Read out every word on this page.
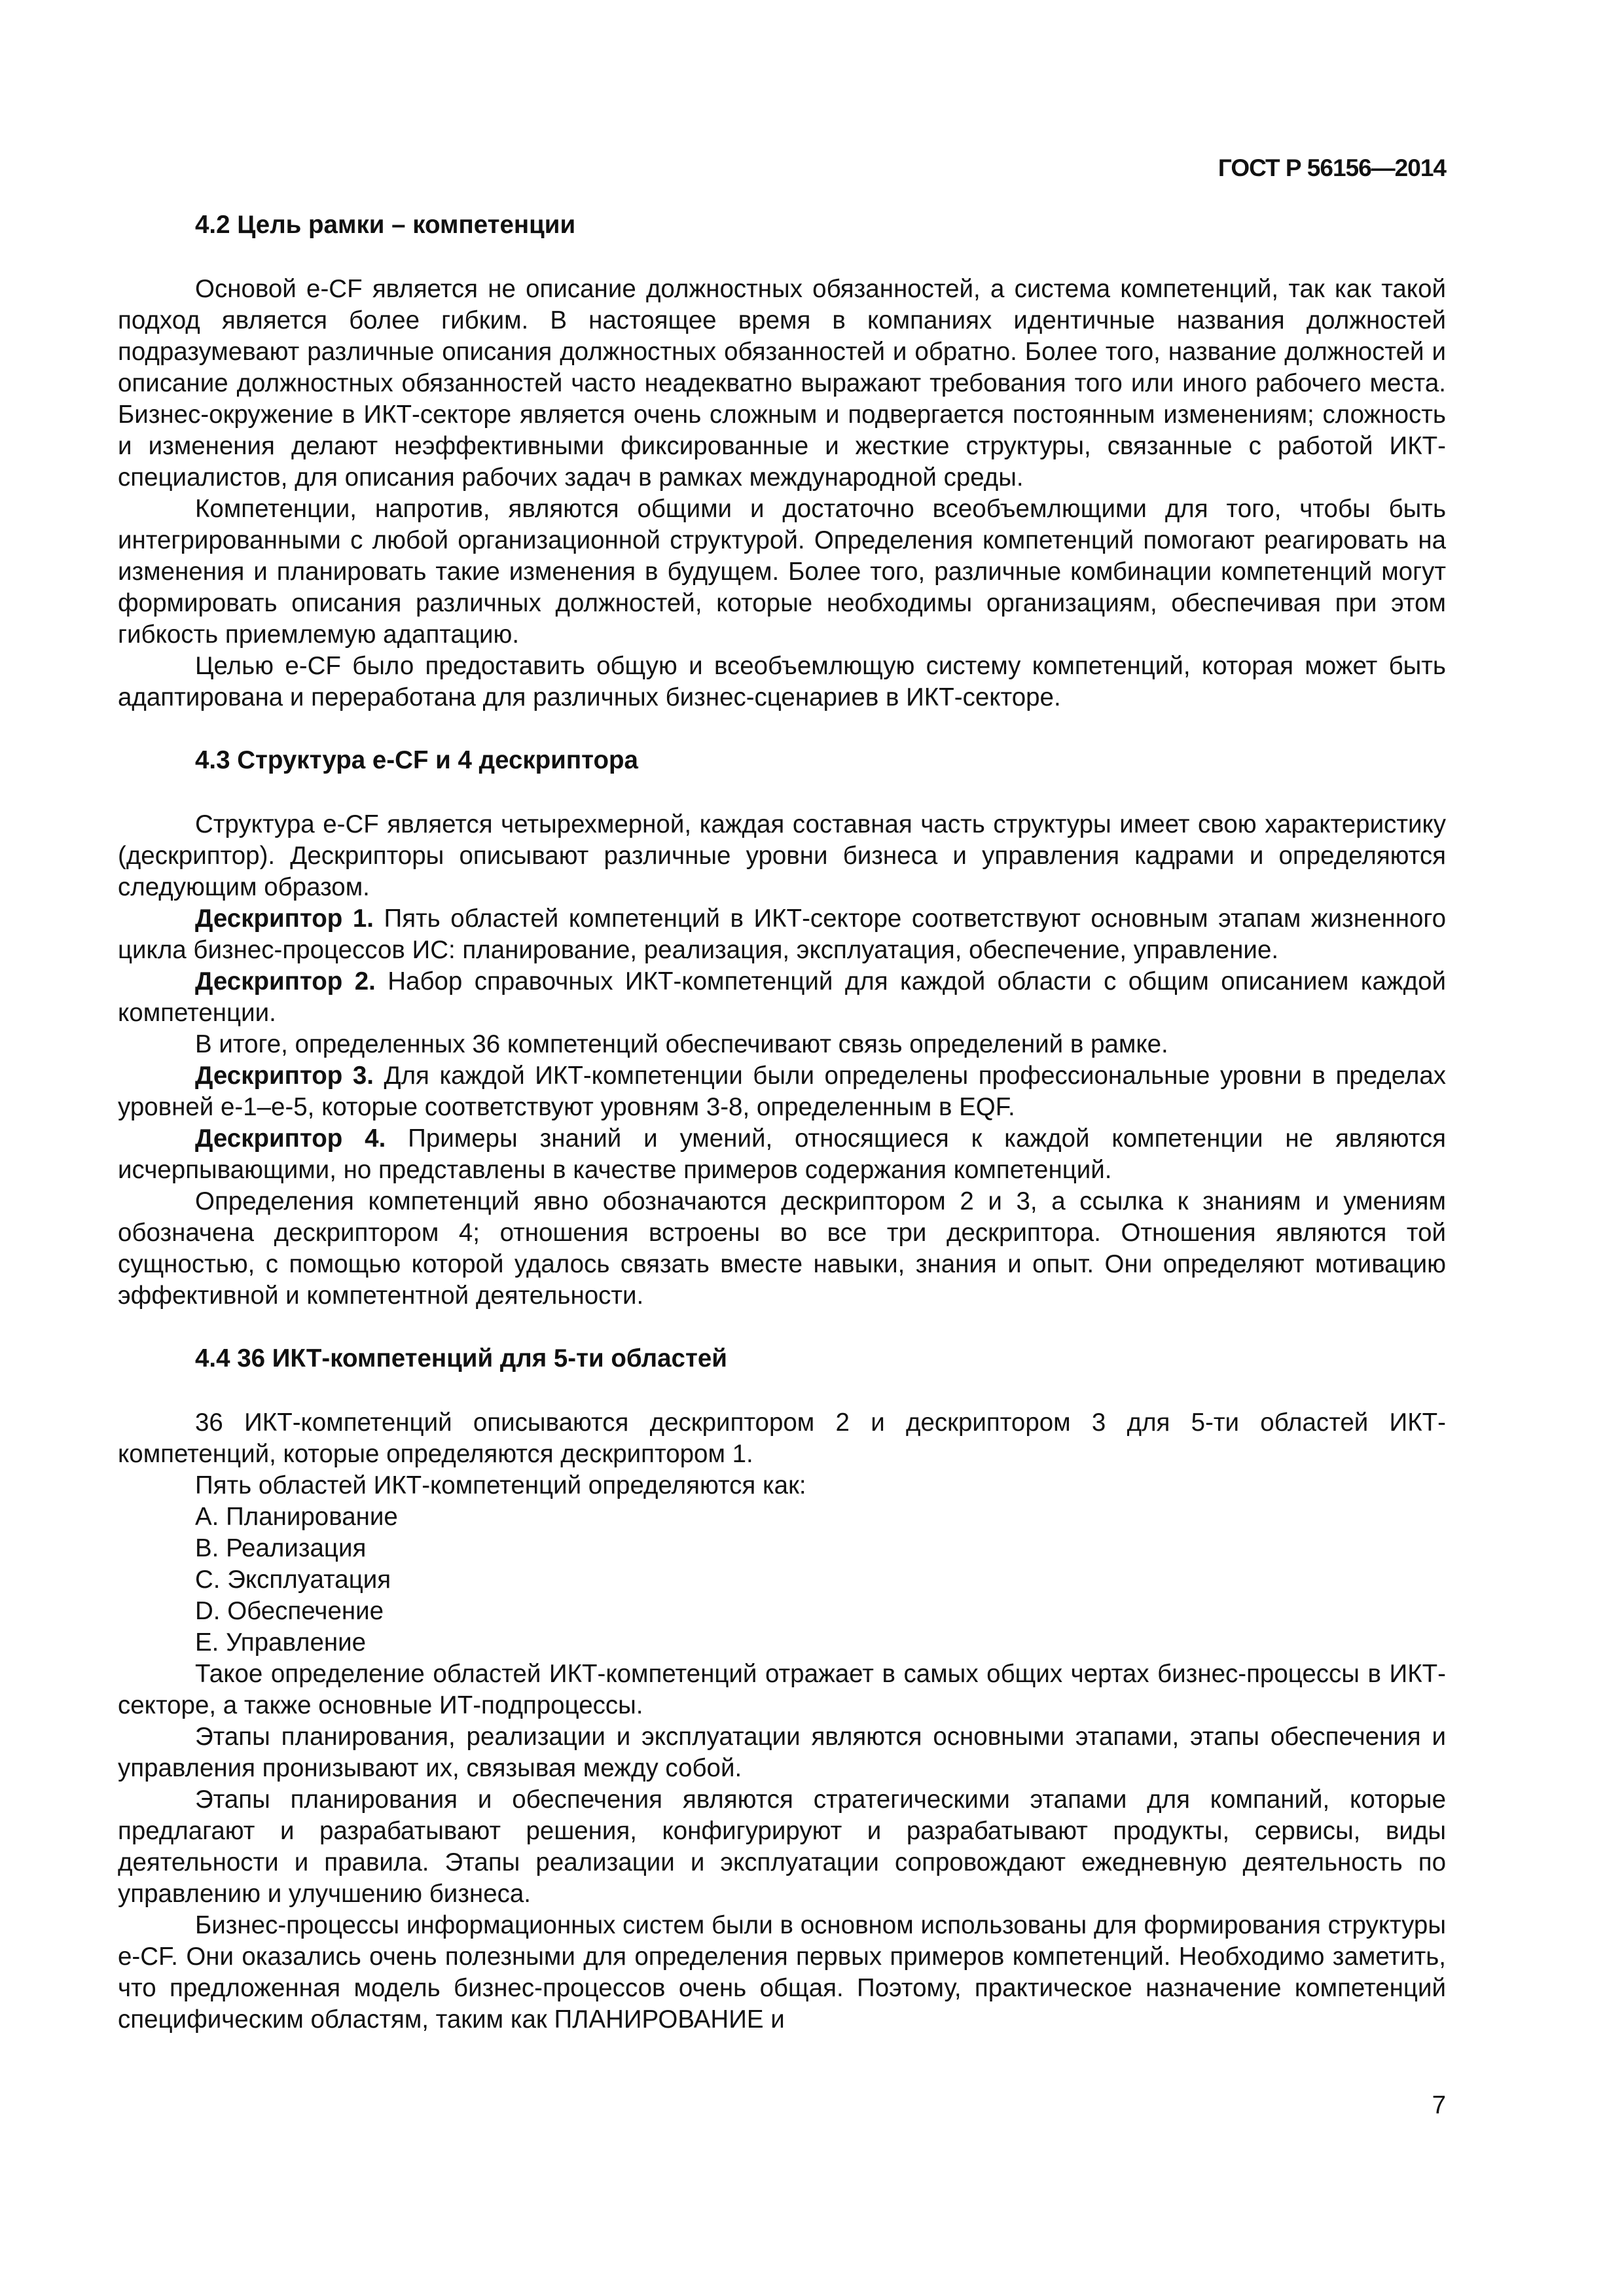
ГОСТ Р 56156—2014
4.2 Цель рамки – компетенции

Основой e-CF является не описание должностных обязанностей, а система компетенций, так как такой подход является более гибким. В настоящее время в компаниях идентичные названия должностей подразумевают различные описания должностных обязанностей и обратно. Более того, название должностей и описание должностных обязанностей часто неадекватно выражают требования того или иного рабочего места. Бизнес-окружение в ИКТ-секторе является очень сложным и подвергается постоянным изменениям; сложность и изменения делают неэффективными фиксированные и жесткие структуры, связанные с работой ИКТ-специалистов, для описания рабочих задач в рамках международной среды.

Компетенции, напротив, являются общими и достаточно всеобъемлющими для того, чтобы быть интегрированными с любой организационной структурой. Определения компетенций помогают реагировать на изменения и планировать такие изменения в будущем. Более того, различные комбинации компетенций могут формировать описания различных должностей, которые необходимы организациям, обеспечивая при этом гибкость приемлемую адаптацию.

Целью e-CF было предоставить общую и всеобъемлющую систему компетенций, которая может быть адаптирована и переработана для различных бизнес-сценариев в ИКТ-секторе.

4.3 Структура e-CF и 4 дескриптора

Структура e-CF является четырехмерной, каждая составная часть структуры имеет свою характеристику (дескриптор). Дескрипторы описывают различные уровни бизнеса и управления кадрами и определяются следующим образом.

Дескриптор 1. Пять областей компетенций в ИКТ-секторе соответствуют основным этапам жизненного цикла бизнес-процессов ИС: планирование, реализация, эксплуатация, обеспечение, управление.

Дескриптор 2. Набор справочных ИКТ-компетенций для каждой области с общим описанием каждой компетенции.

В итоге, определенных 36 компетенций обеспечивают связь определений в рамке.

Дескриптор 3. Для каждой ИКТ-компетенции были определены профессиональные уровни в пределах уровней e-1–e-5, которые соответствуют уровням 3-8, определенным в EQF.

Дескриптор 4. Примеры знаний и умений, относящиеся к каждой компетенции не являются исчерпывающими, но представлены в качестве примеров содержания компетенций.

Определения компетенций явно обозначаются дескриптором 2 и 3, а ссылка к знаниям и умениям обозначена дескриптором 4; отношения встроены во все три дескриптора. Отношения являются той сущностью, с помощью которой удалось связать вместе навыки, знания и опыт. Они определяют мотивацию эффективной и компетентной деятельности.

4.4 36 ИКТ-компетенций для 5-ти областей

36 ИКТ-компетенций описываются дескриптором 2 и дескриптором 3 для 5-ти областей ИКТ-компетенций, которые определяются дескриптором 1.

Пять областей ИКТ-компетенций определяются как:

A. Планирование
B. Реализация
C. Эксплуатация
D. Обеспечение
E. Управление

Такое определение областей ИКТ-компетенций отражает в самых общих чертах бизнес-процессы в ИКТ-секторе, а также основные ИТ-подпроцессы.

Этапы планирования, реализации и эксплуатации являются основными этапами, этапы обеспечения и управления пронизывают их, связывая между собой.

Этапы планирования и обеспечения являются стратегическими этапами для компаний, которые предлагают и разрабатывают решения, конфигурируют и разрабатывают продукты, сервисы, виды деятельности и правила. Этапы реализации и эксплуатации сопровождают ежедневную деятельность по управлению и улучшению бизнеса.

Бизнес-процессы информационных систем были в основном использованы для формирования структуры e-CF. Они оказались очень полезными для определения первых примеров компетенций. Необходимо заметить, что предложенная модель бизнес-процессов очень общая. Поэтому, практическое назначение компетенций специфическим областям, таким как ПЛАНИРОВАНИЕ и

7
